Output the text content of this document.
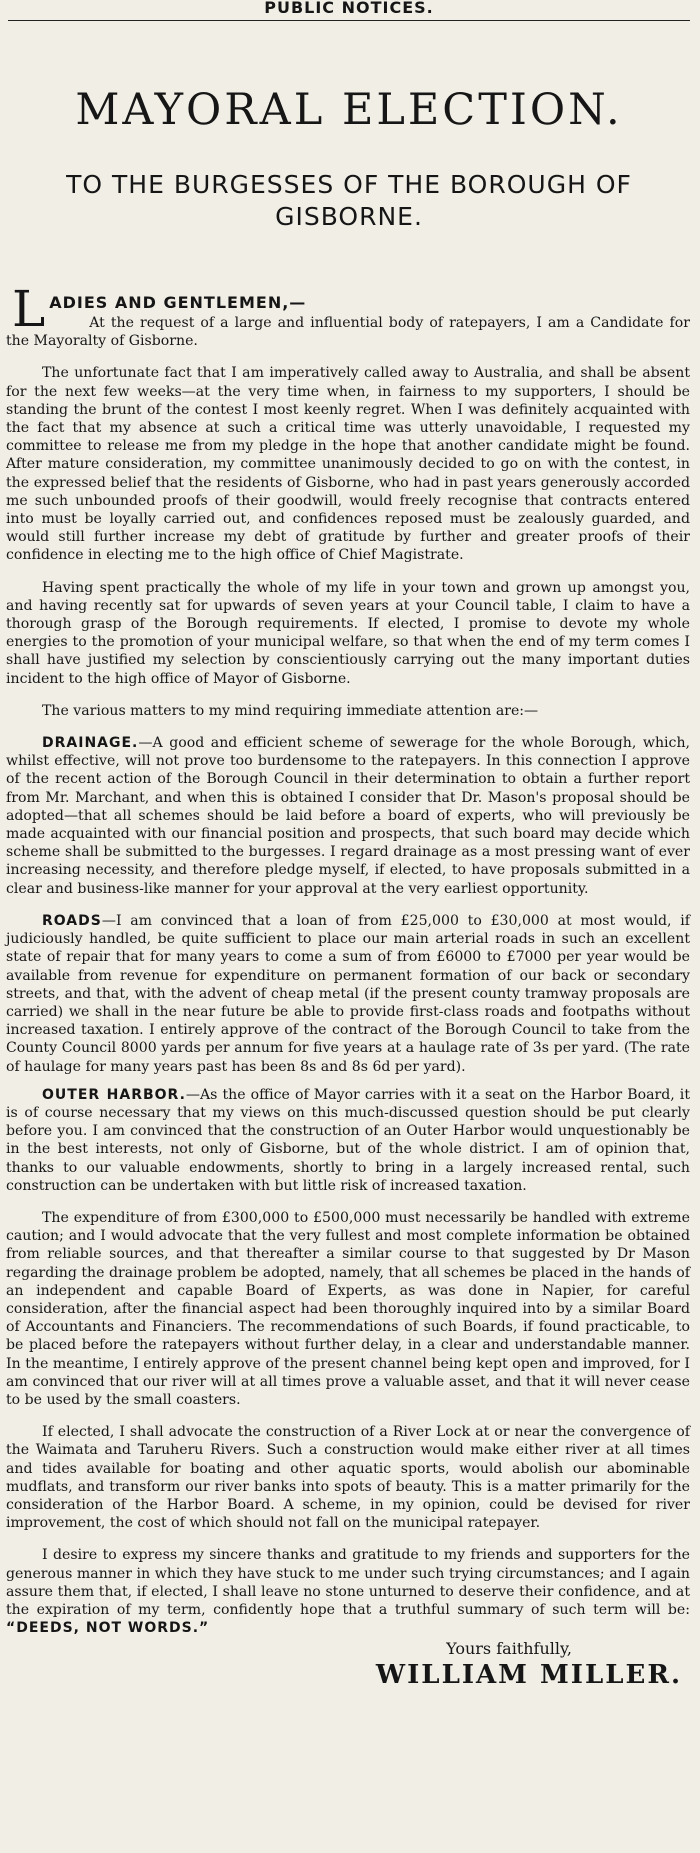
PUBLIC NOTICES.
MAYORAL ELECTION.
TO THE BURGESSES OF THE BOROUGH OF GISBORNE.
L ADIES AND GENTLEMEN,—

At the request of a large and influential body of ratepayers, I am a Candidate for the Mayoralty of Gisborne.

The unfortunate fact that I am imperatively called away to Australia, and shall be absent for the next few weeks—at the very time when, in fairness to my supporters, I should be standing the brunt of the contest I most keenly regret. When I was definitely acquainted with the fact that my absence at such a critical time was utterly unavoidable, I requested my committee to release me from my pledge in the hope that another candidate might be found. After mature consideration, my committee unanimously decided to go on with the contest, in the expressed belief that the residents of Gisborne, who had in past years generously accorded me such unbounded proofs of their goodwill, would freely recognise that contracts entered into must be loyally carried out, and confidences reposed must be zealously guarded, and would still further increase my debt of gratitude by further and greater proofs of their confidence in electing me to the high office of Chief Magistrate.

Having spent practically the whole of my life in your town and grown up amongst you, and having recently sat for upwards of seven years at your Council table, I claim to have a thorough grasp of the Borough requirements. If elected, I promise to devote my whole energies to the promotion of your municipal welfare, so that when the end of my term comes I shall have justified my selection by conscientiously carrying out the many important duties incident to the high office of Mayor of Gisborne.

The various matters to my mind requiring immediate attention are:—

DRAINAGE.—A good and efficient scheme of sewerage for the whole Borough, which, whilst effective, will not prove too burdensome to the ratepayers. In this connection I approve of the recent action of the Borough Council in their determination to obtain a further report from Mr. Marchant, and when this is obtained I consider that Dr. Mason's proposal should be adopted—that all schemes should be laid before a board of experts, who will previously be made acquainted with our financial position and prospects, that such board may decide which scheme shall be submitted to the burgesses. I regard drainage as a most pressing want of ever increasing necessity, and therefore pledge myself, if elected, to have proposals submitted in a clear and business-like manner for your approval at the very earliest opportunity.

ROADS—I am convinced that a loan of from £25,000 to £30,000 at most would, if judiciously handled, be quite sufficient to place our main arterial roads in such an excellent state of repair that for many years to come a sum of from £6000 to £7000 per year would be available from revenue for expenditure on permanent formation of our back or secondary streets, and that, with the advent of cheap metal (if the present county tramway proposals are carried) we shall in the near future be able to provide first-class roads and footpaths without increased taxation. I entirely approve of the contract of the Borough Council to take from the County Council 8000 yards per annum for five years at a haulage rate of 3s per yard. (The rate of haulage for many years past has been 8s and 8s 6d per yard).

OUTER HARBOR.—As the office of Mayor carries with it a seat on the Harbor Board, it is of course necessary that my views on this much-discussed question should be put clearly before you. I am convinced that the construction of an Outer Harbor would unquestionably be in the best interests, not only of Gisborne, but of the whole district. I am of opinion that, thanks to our valuable endowments, shortly to bring in a largely increased rental, such construction can be undertaken with but little risk of increased taxation.

The expenditure of from £300,000 to £500,000 must necessarily be handled with extreme caution; and I would advocate that the very fullest and most complete information be obtained from reliable sources, and that thereafter a similar course to that suggested by Dr Mason regarding the drainage problem be adopted, namely, that all schemes be placed in the hands of an independent and capable Board of Experts, as was done in Napier, for careful consideration, after the financial aspect had been thoroughly inquired into by a similar Board of Accountants and Financiers. The recommendations of such Boards, if found practicable, to be placed before the ratepayers without further delay, in a clear and understandable manner. In the meantime, I entirely approve of the present channel being kept open and improved, for I am convinced that our river will at all times prove a valuable asset, and that it will never cease to be used by the small coasters.

If elected, I shall advocate the construction of a River Lock at or near the convergence of the Waimata and Taruheru Rivers. Such a construction would make either river at all times and tides available for boating and other aquatic sports, would abolish our abominable mudflats, and transform our river banks into spots of beauty. This is a matter primarily for the consideration of the Harbor Board. A scheme, in my opinion, could be devised for river improvement, the cost of which should not fall on the municipal ratepayer.

I desire to express my sincere thanks and gratitude to my friends and supporters for the generous manner in which they have stuck to me under such trying circumstances; and I again assure them that, if elected, I shall leave no stone unturned to deserve their confidence, and at the expiration of my term, confidently hope that a truthful summary of such term will be: “DEEDS, NOT WORDS.”

Yours faithfully,
WILLIAM MILLER.
